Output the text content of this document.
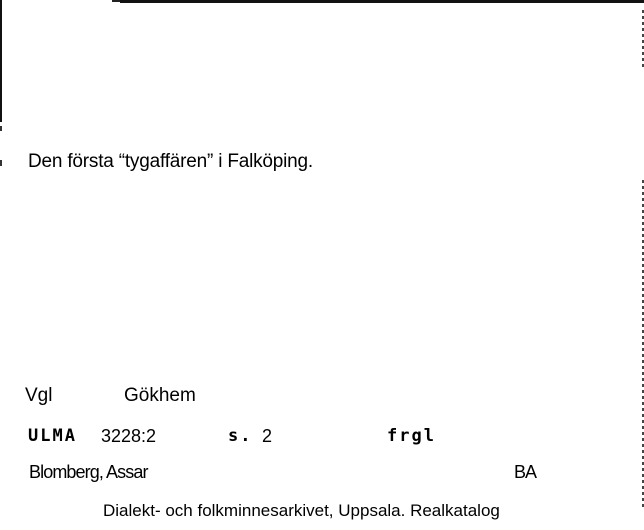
Den första “tygaffären” i Falköping.
Vgl	Gökhem
ULMA 3228:2	s. 2	frgl
Blomberg, Assar	BA
Dialekt- och folkminnesarkivet, Uppsala. Realkatalog
